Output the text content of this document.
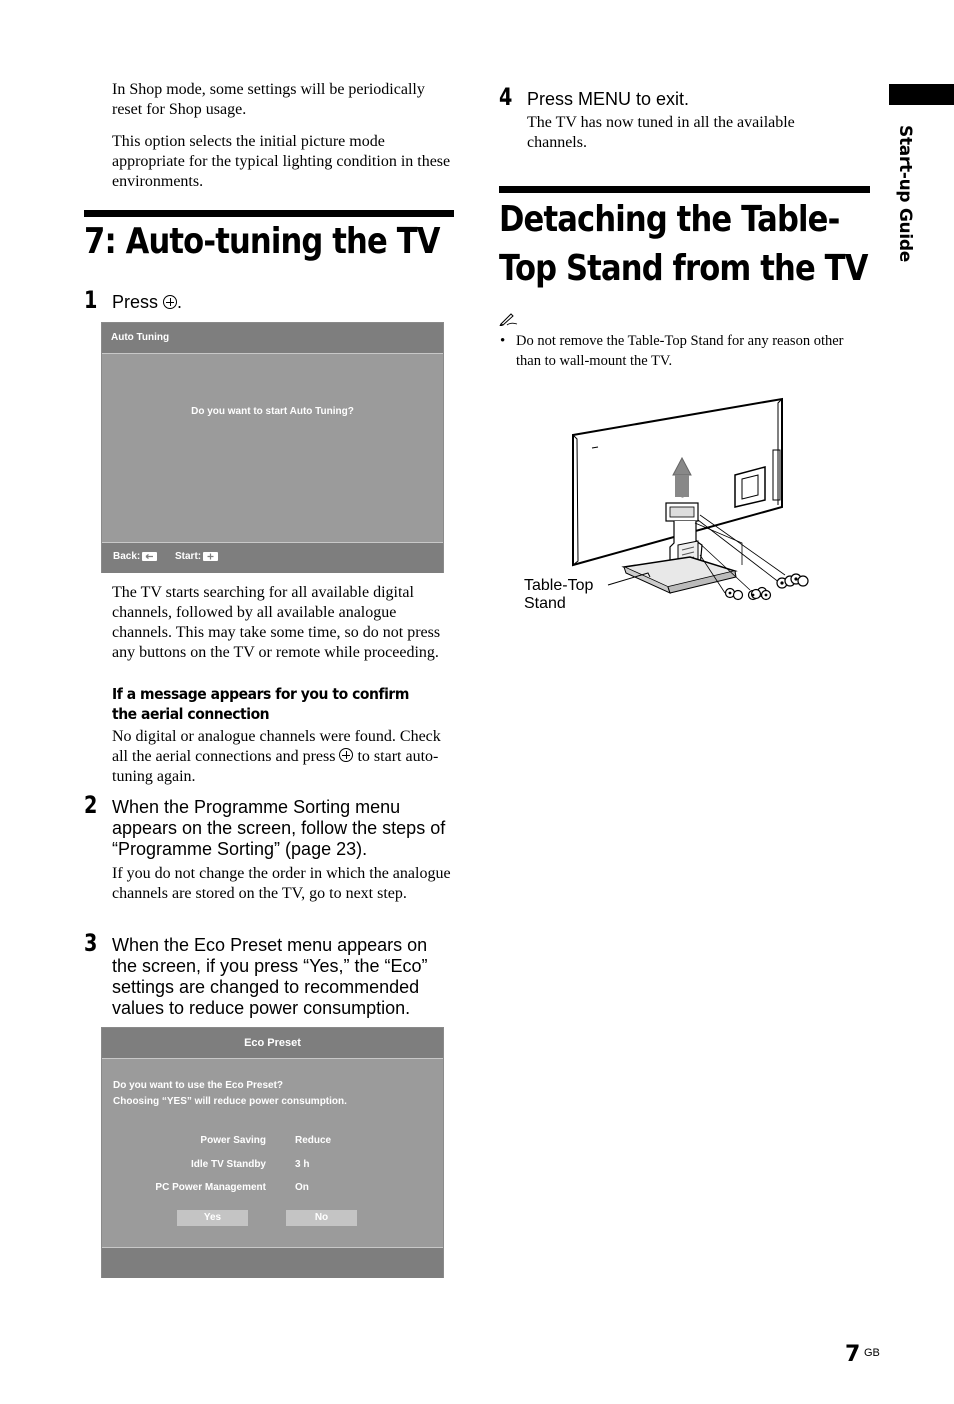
In Shop mode, some settings will be periodically reset for Shop usage.

This option selects the initial picture mode appropriate for the typical lighting condition in these environments.

7: Auto-tuning the TV
1 Press .
Auto Tuning
Do you want to start Auto Tuning?
Back:	Start:

The TV starts searching for all available digital channels, followed by all available analogue channels. This may take some time, so do not press any buttons on the TV or remote while proceeding.

If a message appears for you to confirm the aerial connection

No digital or analogue channels were found. Check all the aerial connections and press to start auto-tuning again.

2 When the Programme Sorting menu appears on the screen, follow the steps of “Programme Sorting” (page 23).

If you do not change the order in which the analogue channels are stored on the TV, go to next step.

3 When the Eco Preset menu appears on the screen, if you press “Yes,” the “Eco” settings are changed to recommended values to reduce power consumption.

Eco Preset
Do you want to use the Eco Preset?
Choosing “YES” will reduce power consumption.
Power Saving	Reduce
Idle TV Standby	3 h
PC Power Management	On
Yes	No
4 Press MENU to exit.

The TV has now tuned in all the available channels.

Detaching the Table-
Top Stand from the TV
• Do not remove the Table-Top Stand for any reason other than to wall-mount the TV.

Table-Top
Stand
Start-up Guide
7 GB
